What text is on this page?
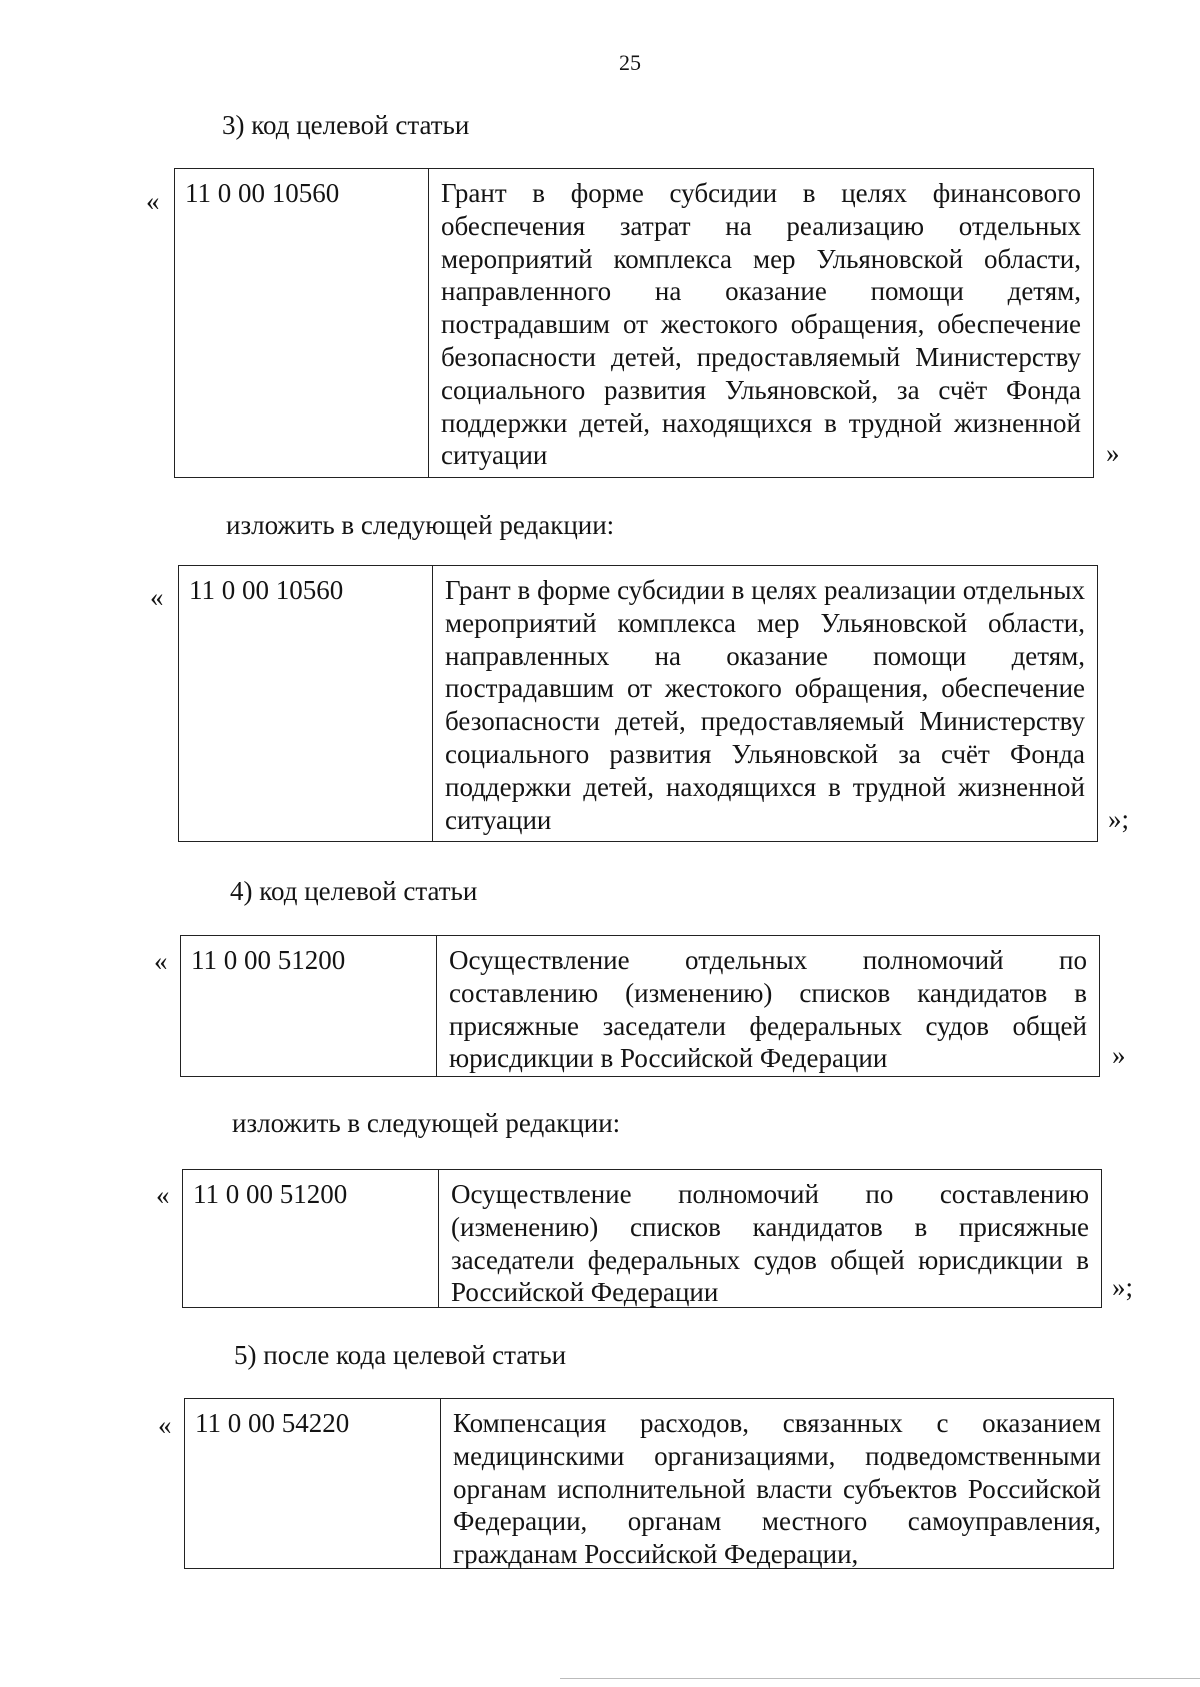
25
3) код целевой статьи
« 11 0 00 10560	Грант в форме субсидии в целях финансового обеспечения затрат на реализацию отдельных мероприятий комплекса мер Ульяновской области, направленного на оказание помощи детям, пострадавшим от жестокого обращения, обеспечение безопасности детей, предоставляемый Министерству социального развития Ульяновской, за счёт Фонда поддержки детей, находящихся в трудной жизненной ситуации	»
изложить в следующей редакции:
« 11 0 00 10560	Грант в форме субсидии в целях реализации отдельных мероприятий комплекса мер Ульяновской области, направленных на оказание помощи детям, пострадавшим от жестокого обращения, обеспечение безопасности детей, предоставляемый Министерству социального развития Ульяновской за счёт Фонда поддержки детей, находящихся в трудной жизненной ситуации	»;
4) код целевой статьи
« 11 0 00 51200	Осуществление отдельных полномочий по составлению (изменению) списков кандидатов в присяжные заседатели федеральных судов общей юрисдикции в Российской Федерации	»
изложить в следующей редакции:
« 11 0 00 51200	Осуществление полномочий по составлению (изменению) списков кандидатов в присяжные заседатели федеральных судов общей юрисдикции в Российской Федерации	»;
5) после кода целевой статьи
« 11 0 00 54220	Компенсация расходов, связанных с оказанием медицинскими организациями, подведомственными органам исполнительной власти субъектов Российской Федерации, органам местного самоуправления, гражданам Российской Федерации,
